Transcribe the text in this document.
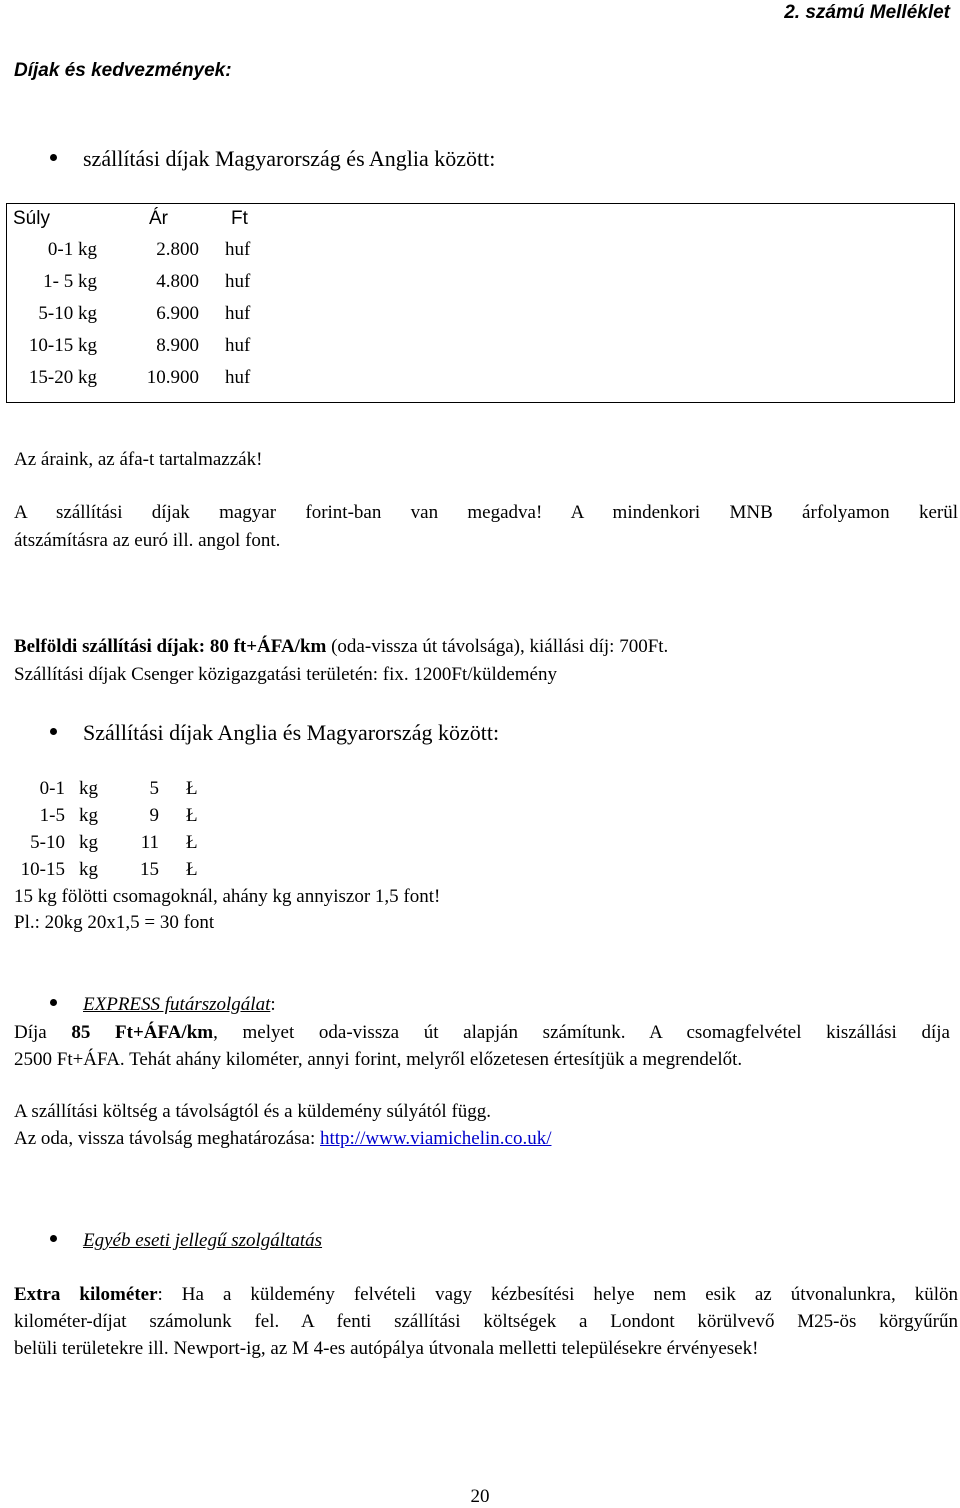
2. számú Melléklet
Díjak és kedvezmények:
szállítási díjak Magyarország és Anglia között:
Súly	Ár	Ft
0-1 kg	2.800 huf
1- 5 kg	4.800 huf
5-10 kg	6.900 huf
10-15 kg	8.900 huf
15-20 kg	10.900 huf
Az áraink, az áfa-t tartalmazzák!
A szállítási díjak magyar forint-ban van megadva! A mindenkori MNB árfolyamon kerül
átszámításra az euró ill. angol font.
Belföldi szállítási díjak: 80 ft+ÁFA/km (oda-vissza út távolsága), kiállási díj: 700Ft.
Szállítási díjak Csenger közigazgatási területén: fix. 1200Ft/küldemény
Szállítási díjak Anglia és Magyarország között:
0-1 kg	5 Ł
1-5 kg	9 Ł
5-10 kg	11 Ł
10-15 kg	15 Ł
15 kg fölötti csomagoknál, ahány kg annyiszor 1,5 font!
Pl.: 20kg 20x1,5 = 30 font
EXPRESS futárszolgálat :
Díja 85 Ft+ÁFA/km, melyet oda-vissza út alapján számítunk. A csomagfelvétel kiszállási díja
2500 Ft+ÁFA. Tehát ahány kilométer, annyi forint, melyről előzetesen értesítjük a megrendelőt.
A szállítási költség a távolságtól és a küldemény súlyától függ.
Az oda, vissza távolság meghatározása: http://www.viamichelin.co.uk/
Egyéb eseti jellegű szolgáltatás
Extra kilométer: Ha a küldemény felvételi vagy kézbesítési helye nem esik az útvonalunkra, külön
kilométer-díjat számolunk fel. A fenti szállítási költségek a Londont körülvevő M25-ös körgyűrűn
belüli területekre ill. Newport-ig, az M 4-es autópálya útvonala melletti településekre érvényesek!
20
